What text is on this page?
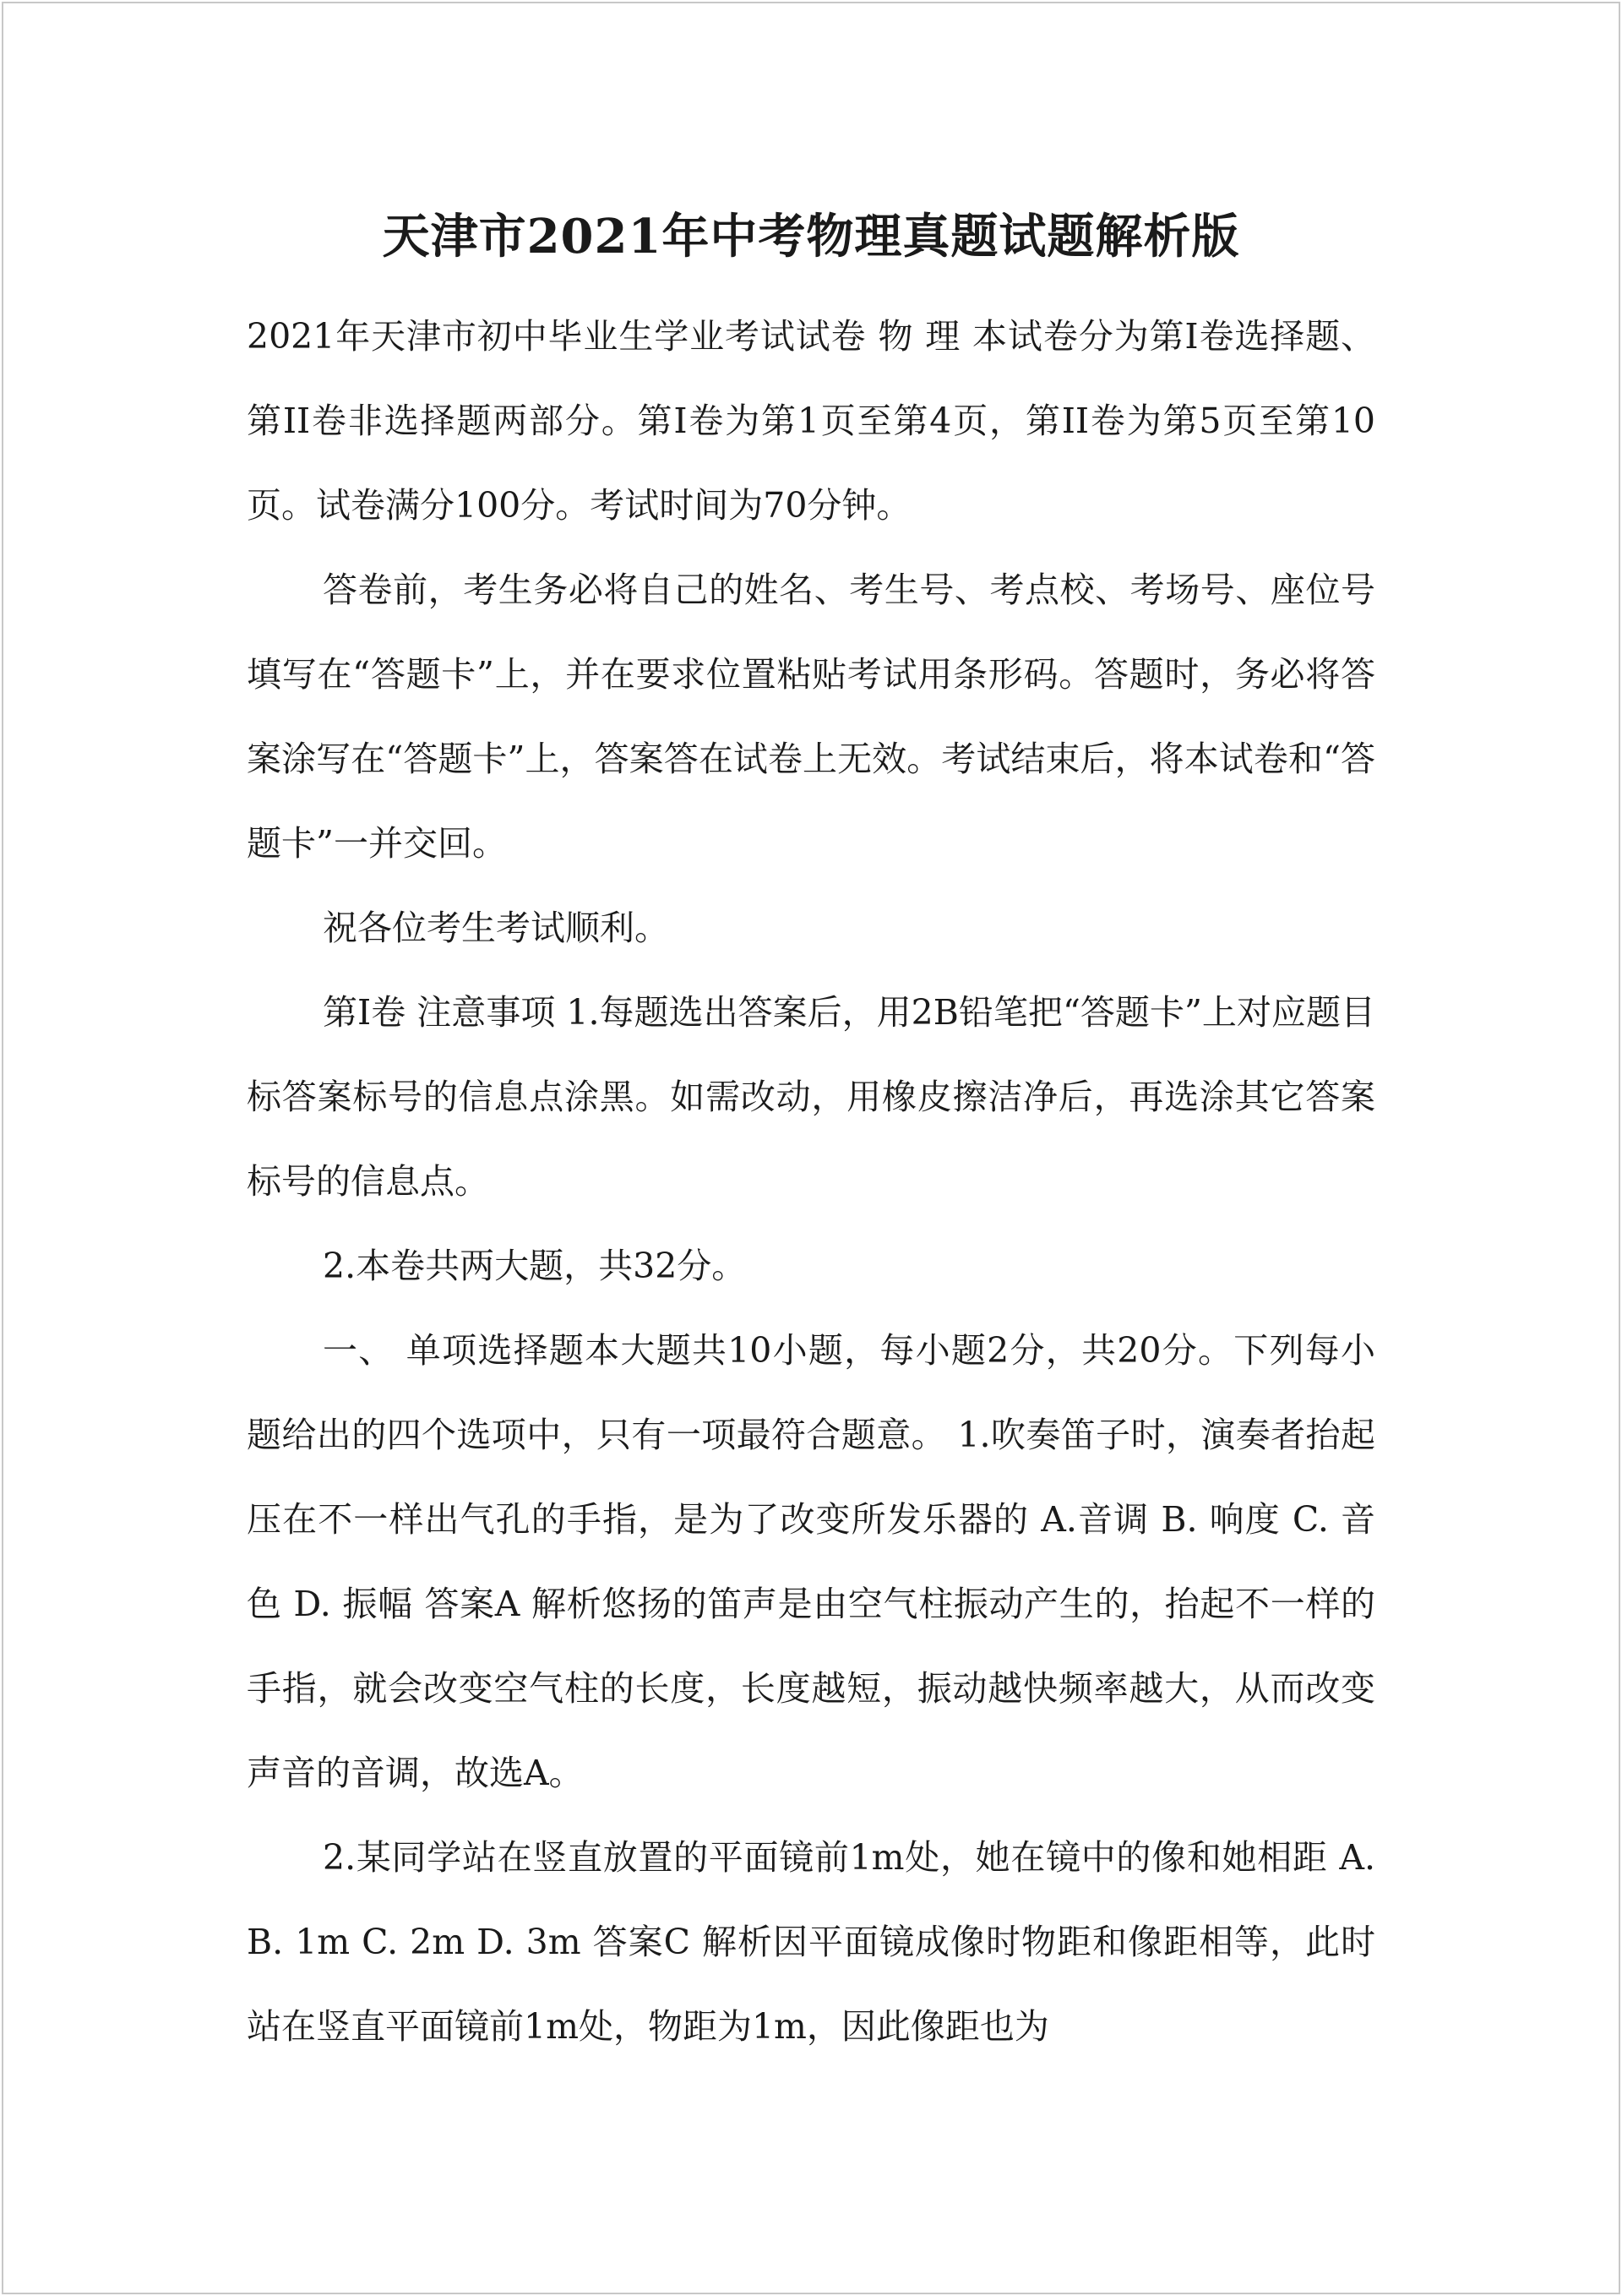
天津市2021年中考物理真题试题解析版

2021年天津市初中毕业生学业考试试卷 物 理 本试卷分为第I卷选择题、第II卷非选择题两部分。第I卷为第1页至第4页，第II卷为第5页至第10页。试卷满分100分。考试时间为70分钟。

答卷前，考生务必将自己的姓名、考生号、考点校、考场号、座位号填写在“答题卡”上，并在要求位置粘贴考试用条形码。答题时，务必将答案涂写在“答题卡”上，答案答在试卷上无效。考试结束后，将本试卷和“答题卡”一并交回。

祝各位考生考试顺利。

第I卷 注意事项 1.每题选出答案后，用2B铅笔把“答题卡”上对应题目标答案标号的信息点涂黑。如需改动，用橡皮擦洁净后，再选涂其它答案标号的信息点。

2.本卷共两大题，共32分。

一、 单项选择题本大题共10小题，每小题2分，共20分。下列每小题给出的四个选项中，只有一项最符合题意。 1.吹奏笛子时，演奏者抬起压在不一样出气孔的手指，是为了改变所发乐器的 A.音调 B. 响度 C. 音色 D. 振幅 答案A 解析悠扬的笛声是由空气柱振动产生的，抬起不一样的手指，就会改变空气柱的长度，长度越短，振动越快频率越大，从而改变声音的音调，故选A。

2.某同学站在竖直放置的平面镜前1m处，她在镜中的像和她相距 A. B. 1m C. 2m D. 3m 答案C 解析因平面镜成像时物距和像距相等，此时站在竖直平面镜前1m处，物距为1m，因此像距也为
